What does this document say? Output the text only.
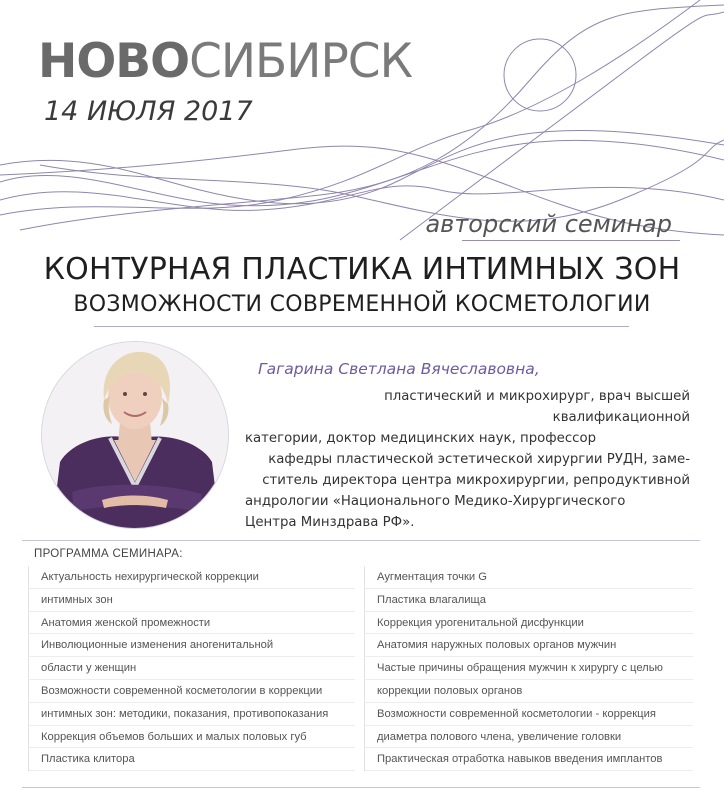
НОВОСИБИРСК
14 ИЮЛЯ 2017
авторский семинар
КОНТУРНАЯ ПЛАСТИКА ИНТИМНЫХ ЗОН
ВОЗМОЖНОСТИ СОВРЕМЕННОЙ КОСМЕТОЛОГИИ
Гагарина Светлана Вячеславовна,
пластический и микрохирург, врач высшей квалификационной
категории, доктор медицинских наук, профессор
кафедры пластической эстетической хирургии РУДН, заме-
ститель директора центра микрохирургии, репродуктивной
андрологии «Национального Медико-Хирургического
Центра Минздрава РФ».
ПРОГРАММА СЕМИНАРА:
Актуальность нехирургической коррекции
интимных зон
Анатомия женской промежности
Инволюционные изменения аногенитальной
области у женщин
Возможности современной косметологии в коррекции
интимных зон: методики, показания, противопоказания
Коррекция объемов больших и малых половых губ
Пластика клитора
Аугментация точки G
Пластика влагалища
Коррекция урогенитальной дисфункции
Анатомия наружных половых органов мужчин
Частые причины обращения мужчин к хирургу с целью
коррекции половых органов
Возможности современной косметологии - коррекция
диаметра полового члена, увеличение головки
Практическая отработка навыков введения имплантов
